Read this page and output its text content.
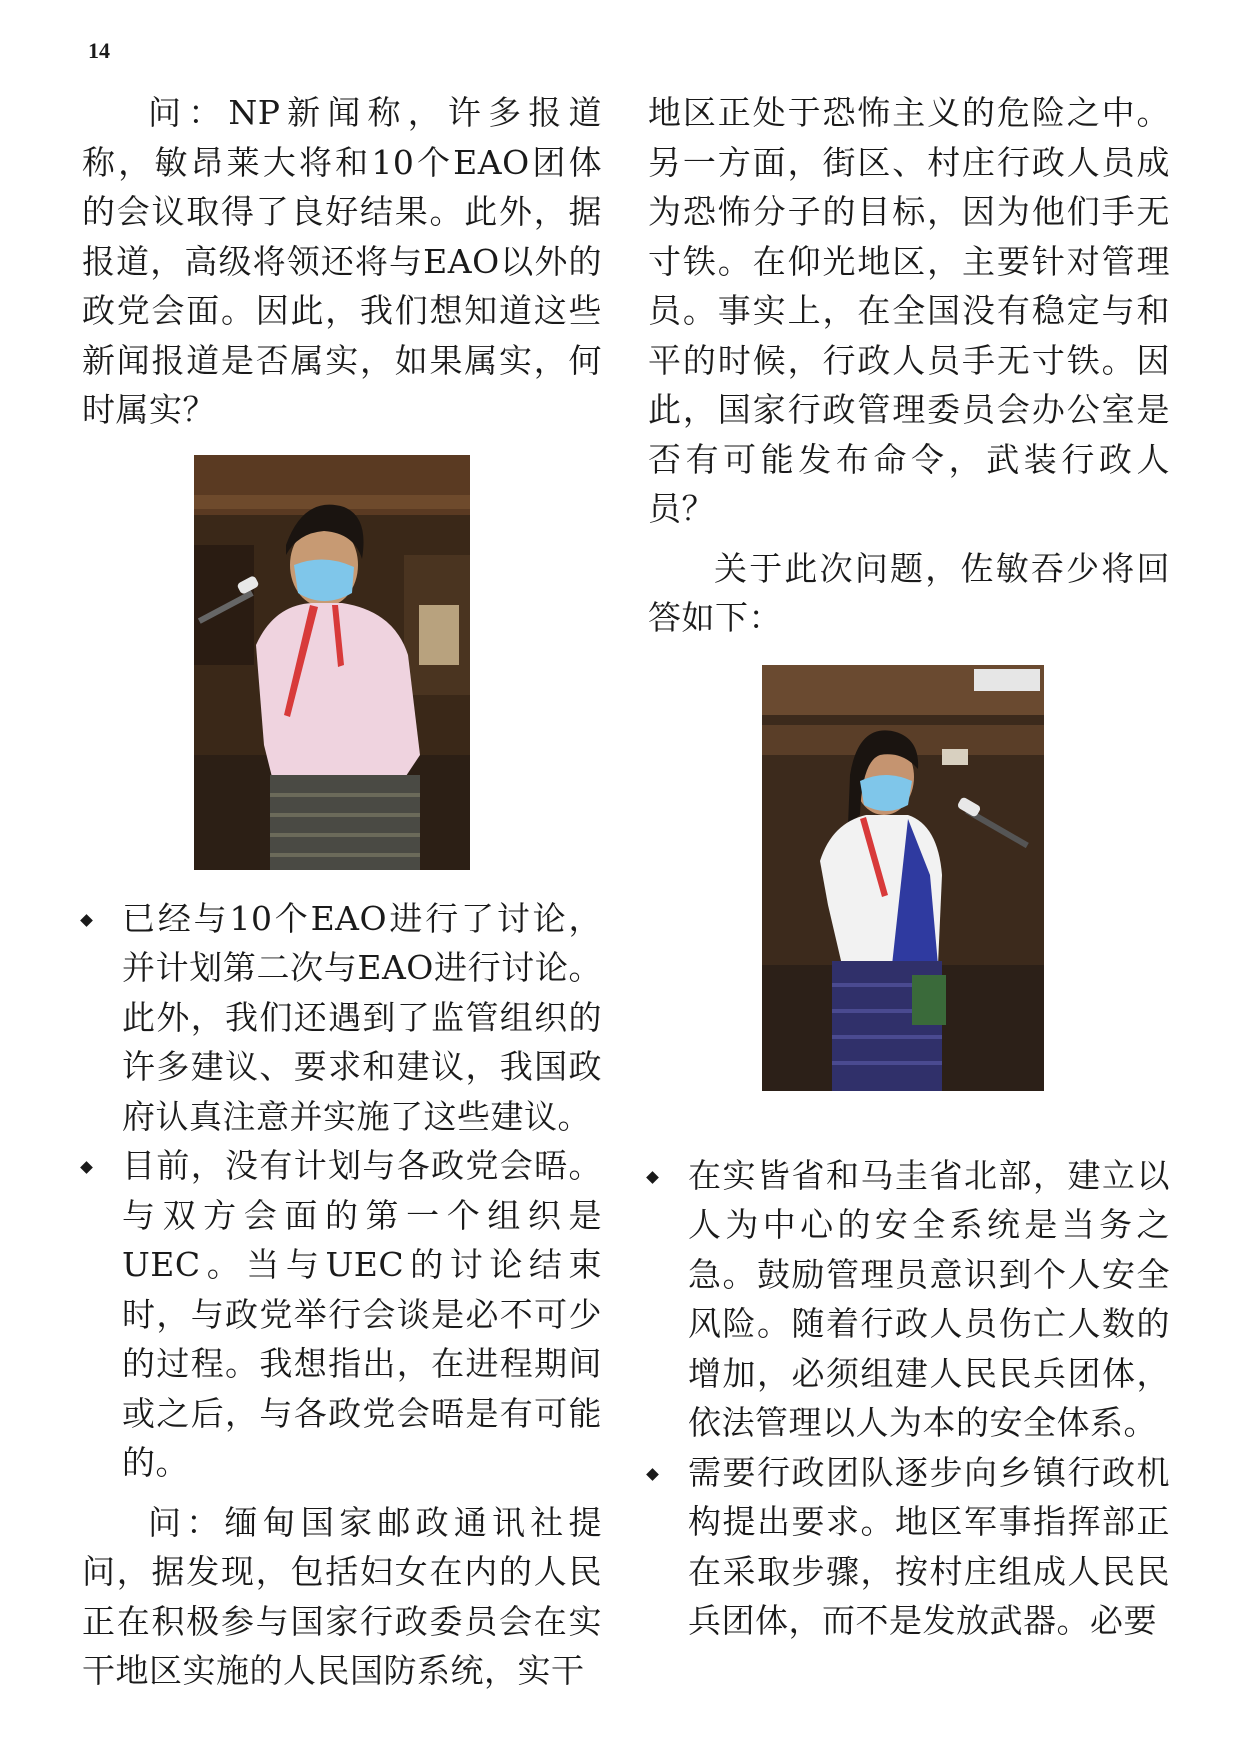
14

问：NP新闻称，许多报道称，敏昂莱大将和10个EAO团体的会议取得了良好结果。此外，据报道，高级将领还将与EAO以外的政党会面。因此，我们想知道这些新闻报道是否属实，如果属实，何时属实？

已经与10个EAO进行了讨论，并计划第二次与EAO进行讨论。此外，我们还遇到了监管组织的许多建议、要求和建议，我国政府认真注意并实施了这些建议。
目前，没有计划与各政党会晤。与双方会面的第一个组织是UEC。当与UEC的讨论结束时，与政党举行会谈是必不可少的过程。我想指出，在进程期间或之后，与各政党会晤是有可能的。

问：缅甸国家邮政通讯社提问，据发现，包括妇女在内的人民正在积极参与国家行政委员会在实干地区实施的人民国防系统，实干

地区正处于恐怖主义的危险之中。另一方面，街区、村庄行政人员成为恐怖分子的目标，因为他们手无寸铁。在仰光地区，主要针对管理员。事实上，在全国没有稳定与和平的时候，行政人员手无寸铁。因此，国家行政管理委员会办公室是否有可能发布命令，武装行政人员？

关于此次问题，佐敏吞少将回答如下：

在实皆省和马圭省北部，建立以人为中心的安全系统是当务之急。鼓励管理员意识到个人安全风险。随着行政人员伤亡人数的增加，必须组建人民民兵团体，依法管理以人为本的安全体系。
需要行政团队逐步向乡镇行政机构提出要求。地区军事指挥部正在采取步骤，按村庄组成人民民兵团体，而不是发放武器。必要
